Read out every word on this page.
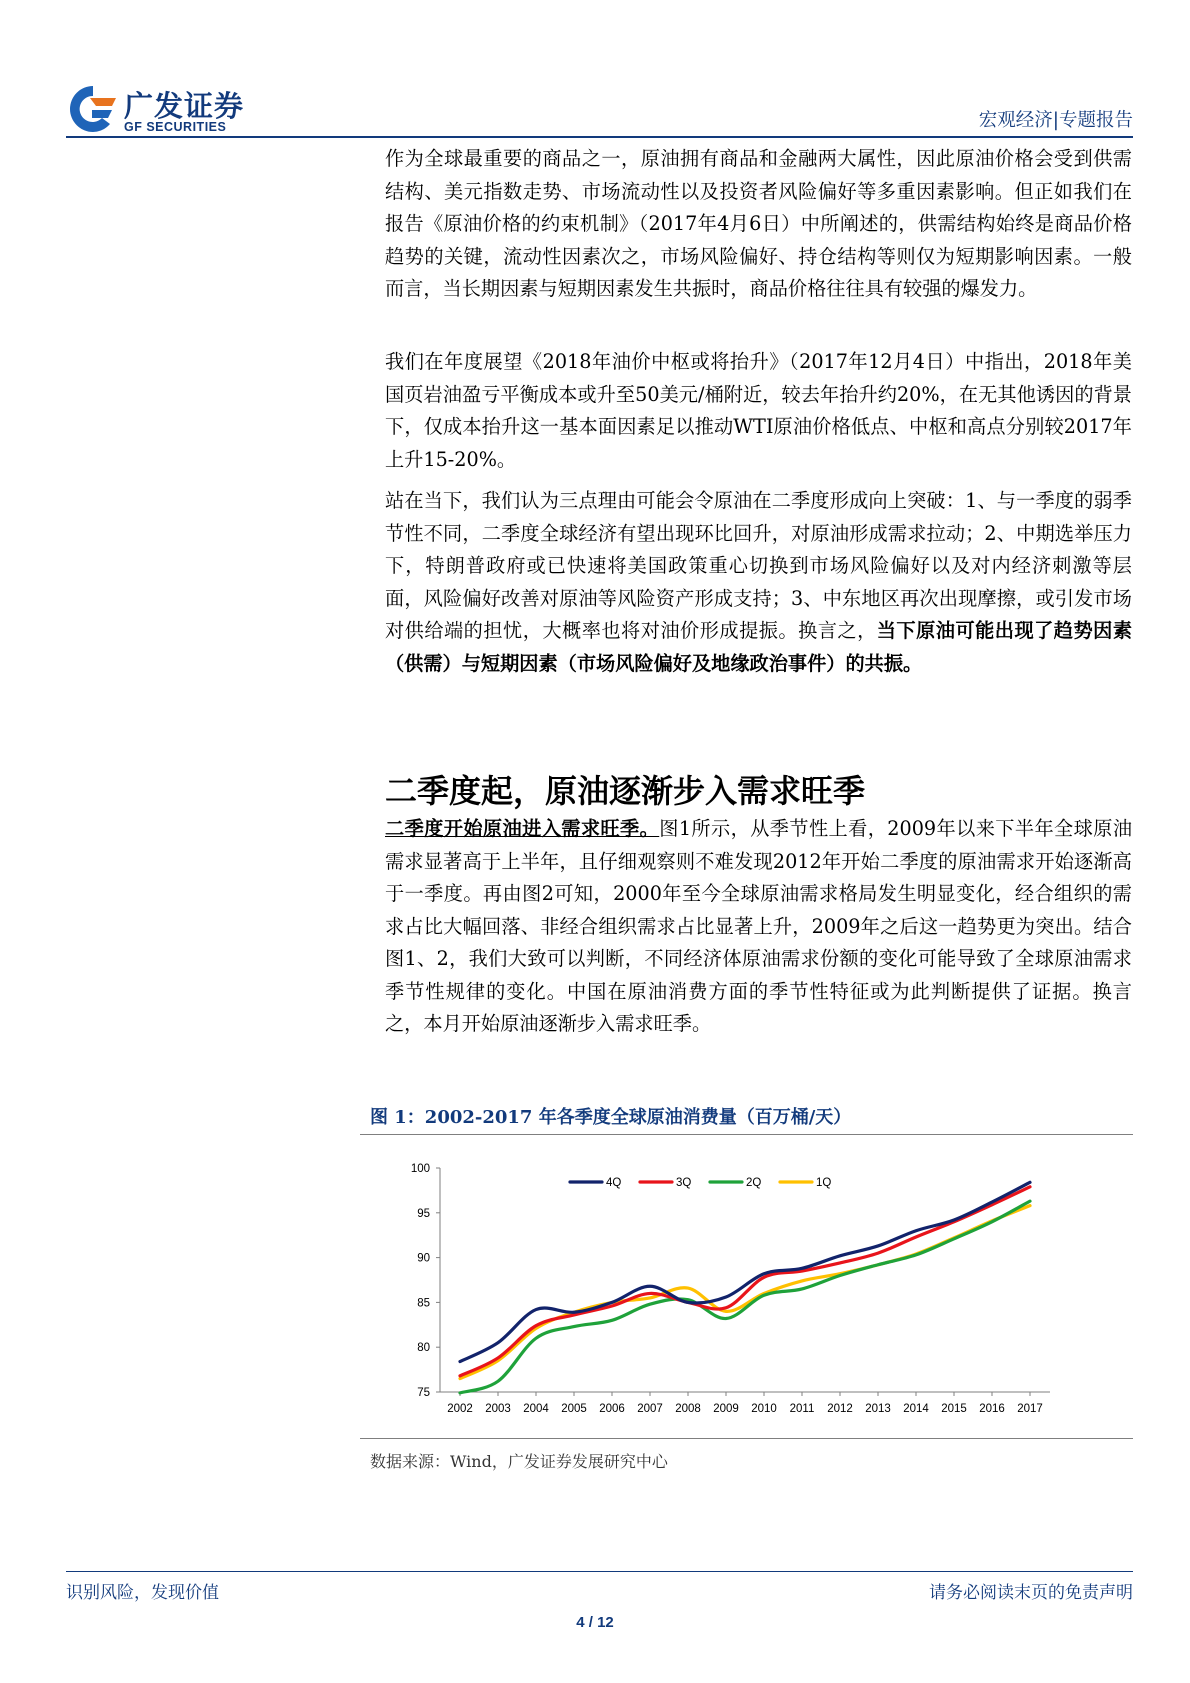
广发证券
GF SECURITIES	宏观经济|专题报告

作为全球最重要的商品之一，原油拥有商品和金融两大属性，因此原油价格会受到供需结构、美元指数走势、市场流动性以及投资者风险偏好等多重因素影响。但正如我们在报告《原油价格的约束机制》（2017年4月6日）中所阐述的，供需结构始终是商品价格趋势的关键，流动性因素次之，市场风险偏好、持仓结构等则仅为短期影响因素。一般而言，当长期因素与短期因素发生共振时，商品价格往往具有较强的爆发力。

我们在年度展望《2018年油价中枢或将抬升》（2017年12月4日）中指出，2018年美国页岩油盈亏平衡成本或升至50美元/桶附近，较去年抬升约20%，在无其他诱因的背景下，仅成本抬升这一基本面因素足以推动WTI原油价格低点、中枢和高点分别较2017年上升15-20%。

站在当下，我们认为三点理由可能会令原油在二季度形成向上突破：1、与一季度的弱季节性不同，二季度全球经济有望出现环比回升，对原油形成需求拉动；2、中期选举压力下，特朗普政府或已快速将美国政策重心切换到市场风险偏好以及对内经济刺激等层面，风险偏好改善对原油等风险资产形成支持；3、中东地区再次出现摩擦，或引发市场对供给端的担忧，大概率也将对油价形成提振。换言之，当下原油可能出现了趋势因素（供需）与短期因素（市场风险偏好及地缘政治事件）的共振。

二季度起，原油逐渐步入需求旺季

二季度开始原油进入需求旺季。图1所示，从季节性上看，2009年以来下半年全球原油需求显著高于上半年，且仔细观察则不难发现2012年开始二季度的原油需求开始逐渐高于一季度。再由图2可知，2000年至今全球原油需求格局发生明显变化，经合组织的需求占比大幅回落、非经合组织需求占比显著上升，2009年之后这一趋势更为突出。结合图1、2，我们大致可以判断，不同经济体原油需求份额的变化可能导致了全球原油需求季节性规律的变化。中国在原油消费方面的季节性特征或为此判断提供了证据。换言之，本月开始原油逐渐步入需求旺季。

图 1：2002-2017 年各季度全球原油消费量（百万桶/天）
75
80
85
90
95
100
2002 2003 2004 2005 2006 2007 2008 2009 2010 2011 2012 2013 2014 2015 2016 2017
4Q	3Q	2Q	1Q
数据来源：Wind，广发证券发展研究中心
识别风险，发现价值	请务必阅读末页的免责声明
4 / 12
